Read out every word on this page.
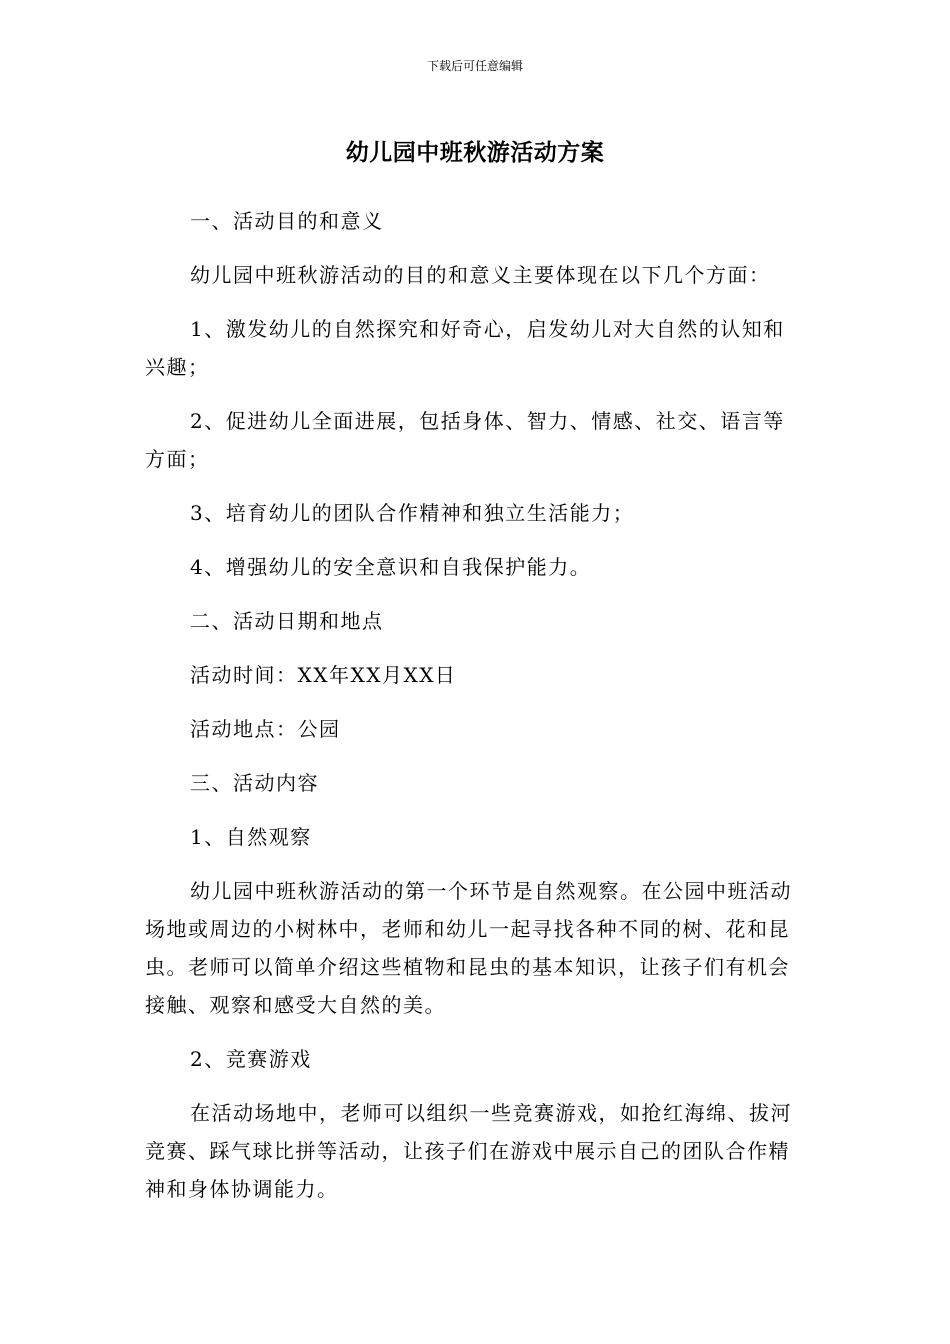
下载后可任意编辑
幼儿园中班秋游活动方案

一、活动目的和意义

幼儿园中班秋游活动的目的和意义主要体现在以下几个方面：

1、激发幼儿的自然探究和好奇心，启发幼儿对大自然的认知和兴趣；

2、促进幼儿全面进展，包括身体、智力、情感、社交、语言等方面；

3、培育幼儿的团队合作精神和独立生活能力；

4、增强幼儿的安全意识和自我保护能力。

二、活动日期和地点

活动时间：XX年XX月XX日

活动地点：公园

三、活动内容

1、自然观察

幼儿园中班秋游活动的第一个环节是自然观察。在公园中班活动场地或周边的小树林中，老师和幼儿一起寻找各种不同的树、花和昆虫。老师可以简单介绍这些植物和昆虫的基本知识，让孩子们有机会接触、观察和感受大自然的美。

2、竞赛游戏

在活动场地中，老师可以组织一些竞赛游戏，如抢红海绵、拔河竞赛、踩气球比拼等活动，让孩子们在游戏中展示自己的团队合作精神和身体协调能力。
